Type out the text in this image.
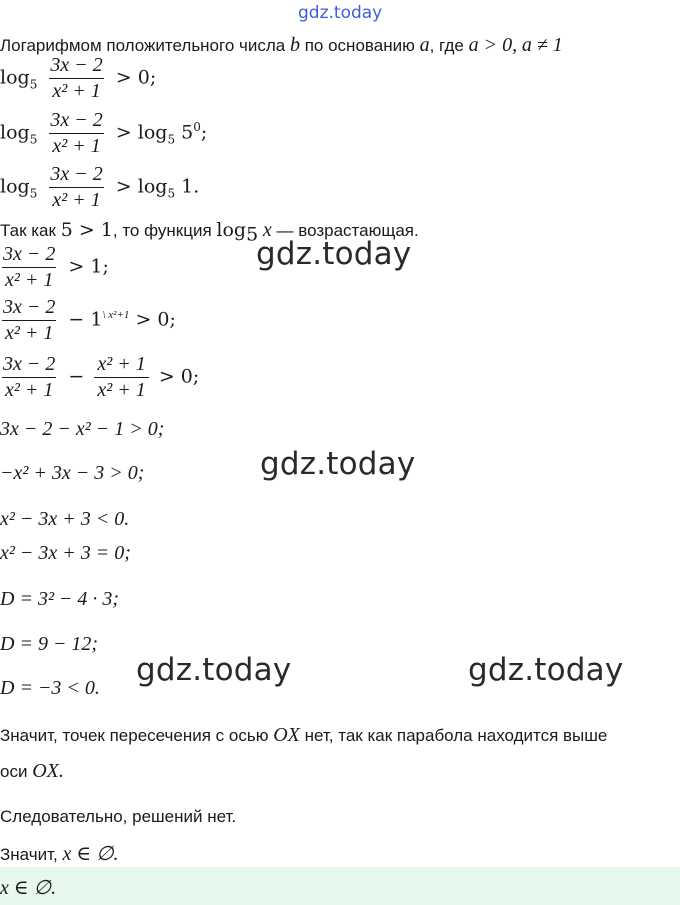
gdz.today
Логарифмом положительного числа b по основанию a, где a > 0, a ≠ 1
$\log_5 \frac{3x - 2}{\text{x² + 1}} > 0$;
$\log_5 \frac{3x - 2}{\text{x² + 1}} > \log_5 5^0$;
$\log_5 \frac{3x - 2}{\text{x² + 1}} > \log_5 1$.
Так как 5 > 1, то функция $\log_5 x$ — возрастающая.
$\frac{3x - 2}{\text{x² + 1}} > 1$;
$\frac{3x - 2}{\text{x² + 1}} - 1^{\backslash x^2+1} > 0$;
$\frac{3x - 2}{\text{x² + 1}} - \frac{\text{x² + 1}}{\text{x² + 1}} > 0$;
3x − 2 − x² − 1 > 0;
−x² + 3x − 3 > 0;
x² − 3x + 3 < 0.
x² − 3x + 3 = 0;
D = 3² − 4 · 3;
D = 9 − 12;
D = −3 < 0.
Значит, точек пересечения с осью OX нет, так как парабола находится выше
оси OX.
Следовательно, решений нет.
Значит, x ∈ ∅.
x ∈ ∅.
gdz.today
gdz.today
gdz.today	gdz.today
